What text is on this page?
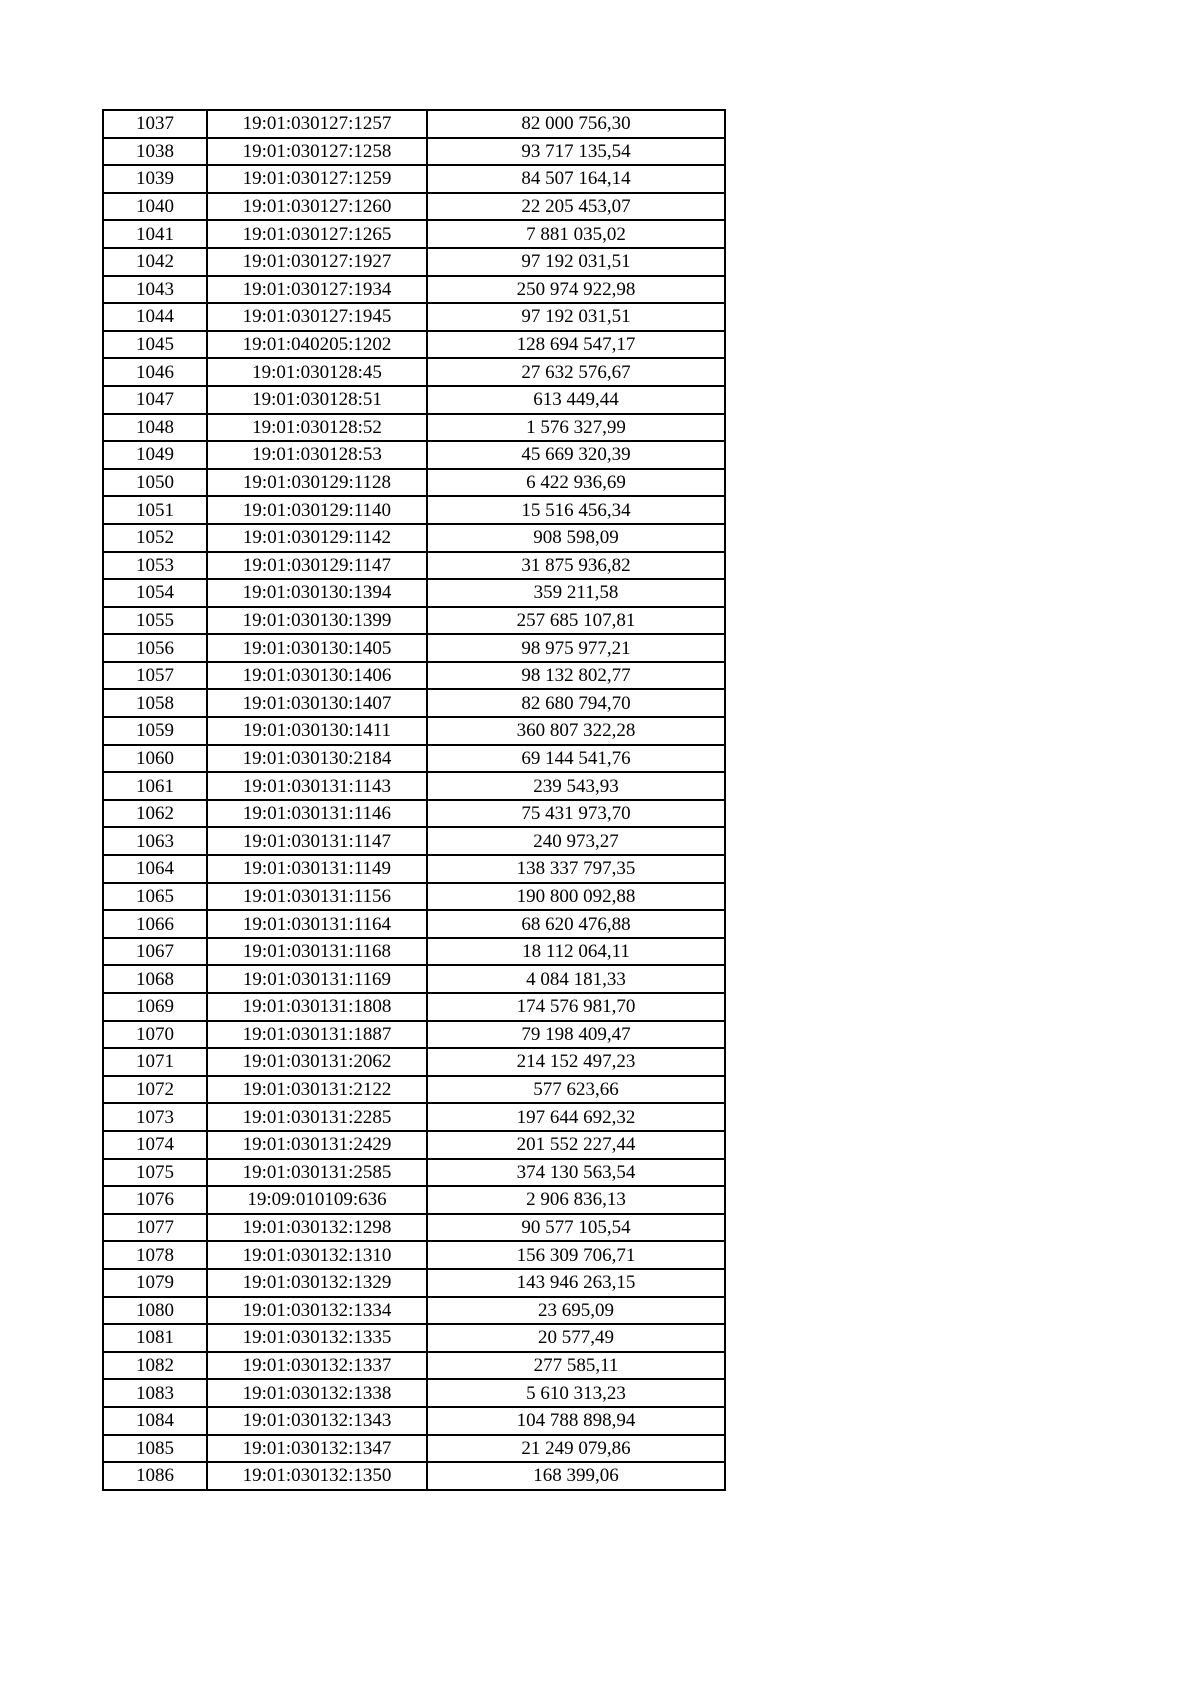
1037	19:01:030127:1257	82 000 756,30
1038	19:01:030127:1258	93 717 135,54
1039	19:01:030127:1259	84 507 164,14
1040	19:01:030127:1260	22 205 453,07
1041	19:01:030127:1265	7 881 035,02
1042	19:01:030127:1927	97 192 031,51
1043	19:01:030127:1934	250 974 922,98
1044	19:01:030127:1945	97 192 031,51
1045	19:01:040205:1202	128 694 547,17
1046	19:01:030128:45	27 632 576,67
1047	19:01:030128:51	613 449,44
1048	19:01:030128:52	1 576 327,99
1049	19:01:030128:53	45 669 320,39
1050	19:01:030129:1128	6 422 936,69
1051	19:01:030129:1140	15 516 456,34
1052	19:01:030129:1142	908 598,09
1053	19:01:030129:1147	31 875 936,82
1054	19:01:030130:1394	359 211,58
1055	19:01:030130:1399	257 685 107,81
1056	19:01:030130:1405	98 975 977,21
1057	19:01:030130:1406	98 132 802,77
1058	19:01:030130:1407	82 680 794,70
1059	19:01:030130:1411	360 807 322,28
1060	19:01:030130:2184	69 144 541,76
1061	19:01:030131:1143	239 543,93
1062	19:01:030131:1146	75 431 973,70
1063	19:01:030131:1147	240 973,27
1064	19:01:030131:1149	138 337 797,35
1065	19:01:030131:1156	190 800 092,88
1066	19:01:030131:1164	68 620 476,88
1067	19:01:030131:1168	18 112 064,11
1068	19:01:030131:1169	4 084 181,33
1069	19:01:030131:1808	174 576 981,70
1070	19:01:030131:1887	79 198 409,47
1071	19:01:030131:2062	214 152 497,23
1072	19:01:030131:2122	577 623,66
1073	19:01:030131:2285	197 644 692,32
1074	19:01:030131:2429	201 552 227,44
1075	19:01:030131:2585	374 130 563,54
1076	19:09:010109:636	2 906 836,13
1077	19:01:030132:1298	90 577 105,54
1078	19:01:030132:1310	156 309 706,71
1079	19:01:030132:1329	143 946 263,15
1080	19:01:030132:1334	23 695,09
1081	19:01:030132:1335	20 577,49
1082	19:01:030132:1337	277 585,11
1083	19:01:030132:1338	5 610 313,23
1084	19:01:030132:1343	104 788 898,94
1085	19:01:030132:1347	21 249 079,86
1086	19:01:030132:1350	168 399,06
